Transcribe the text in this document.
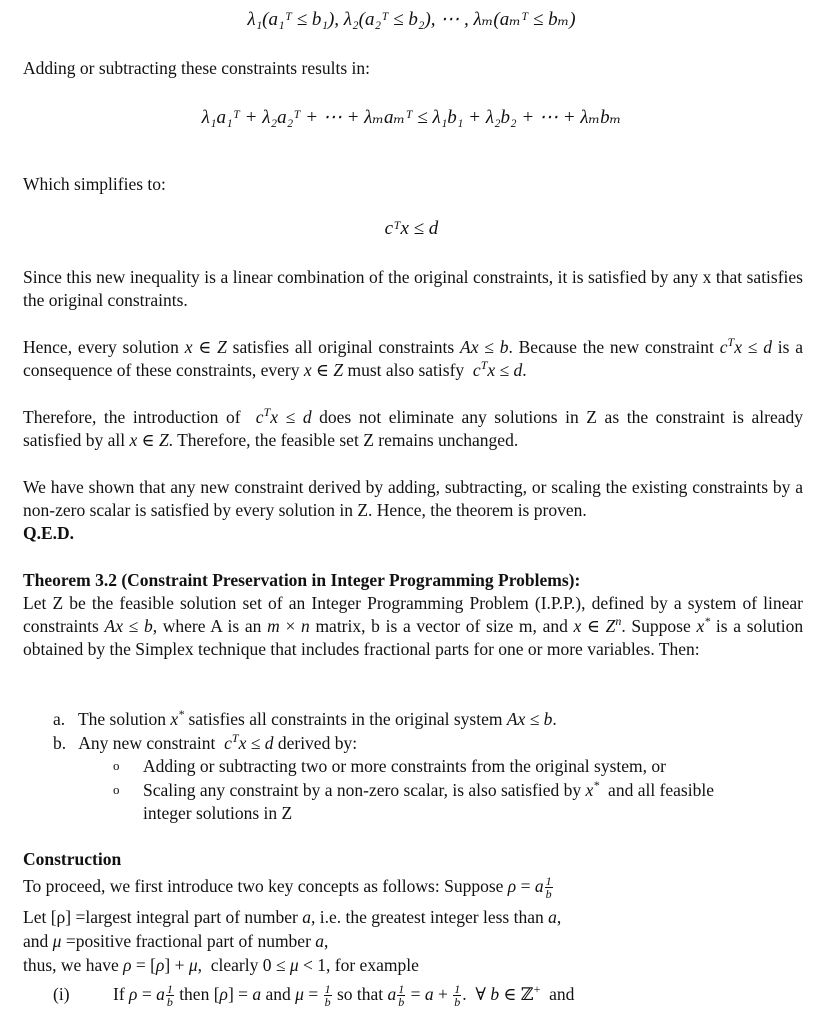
λ₁(a₁ᵀ ≤ b₁), λ₂(a₂ᵀ ≤ b₂), ⋯ , λₘ(aₘᵀ ≤ bₘ)
Adding or subtracting these constraints results in:
λ₁a₁ᵀ + λ₂a₂ᵀ + ⋯ + λₘaₘᵀ ≤ λ₁b₁ + λ₂b₂ + ⋯ + λₘbₘ
Which simplifies to:
cᵀx ≤ d
Since this new inequality is a linear combination of the original constraints, it is satisfied by any x that satisfies the original constraints.
Hence, every solution x ∈ Z satisfies all original constraints Ax ≤ b. Because the new constraint $c^Tx \le d$ is a consequence of these constraints, every x ∈ Z must also satisfy $c^Tx \le d$.
Therefore, the introduction of $c^Tx \le d$ does not eliminate any solutions in Z as the constraint is already satisfied by all x ∈ Z. Therefore, the feasible set Z remains unchanged.
We have shown that any new constraint derived by adding, subtracting, or scaling the existing constraints by a non-zero scalar is satisfied by every solution in Z. Hence, the theorem is proven.
Q.E.D.
Theorem 3.2 (Constraint Preservation in Integer Programming Problems):
Let Z be the feasible solution set of an Integer Programming Problem (I.P.P.), defined by a system of linear constraints Ax ≤ b, where A is an m × n matrix, b is a vector of size m, and x ∈ $Z^n$. Suppose x* is a solution obtained by the Simplex technique that includes fractional parts for one or more variables. Then:
a. The solution x* satisfies all constraints in the original system Ax ≤ b.
b. Any new constraint $c^Tx \le d$ derived by:
o Adding or subtracting two or more constraints from the original system, or
o Scaling any constraint by a non-zero scalar, is also satisfied by x* and all feasible
integer solutions in Z
Construction
To proceed, we first introduce two key concepts as follows: Suppose ρ = a $\frac{1}{b}$
Let [ρ] =largest integral part of number a, i.e. the greatest integer less than a,
and μ =positive fractional part of number a,
thus, we have ρ = [ρ] + μ,  clearly 0 ≤ μ < 1, for example
(i) If ρ = a $\frac{1}{b}$ then [ρ] = a and $\mu = \frac{1}{b}$ so that a $\frac{1}{b} = a + \frac{1}{b}$ .  ∀ b ∈ ℤ+ and
